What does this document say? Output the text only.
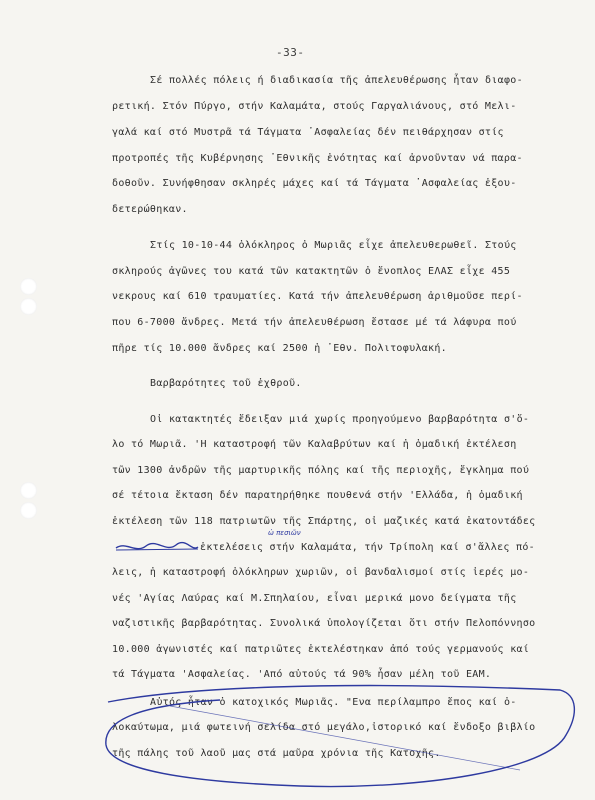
-33-
Σέ πολλές πόλεις ή διαδικασία τῆς ἀπελευθέρωσης ἦταν διαφο-
ρετική. Στόν Πύργο, στήν Καλαμάτα, στούς Γαργαλιάνους, στό Μελι-
γαλά καί στό Μυστρᾶ τά Τάγματα ᾿Ασφαλείας δέν πειθάρχησαν στίς
προτροπές τῆς Κυβέρνησης ᾿Εθνικῆς ἑνότητας καί ἀρνοῦνταν νά παρα-
δοθοῦν. Συνήφθησαν σκληρές μάχες καί τά Τάγματα ᾿Ασφαλείας ἐξου-
δετερώθηκαν.
Στίς 10-10-44 ὁλόκληρος ὁ Μωριᾶς εἶχε ἀπελευθερωθεῖ. Στούς
σκληρούς ἀγῶνες του κατά τῶν κατακτητῶν ὁ ἔνοπλος ΕΛΑΣ εἶχε 455
νεκρους καί 610 τραυματίες. Κατά τήν ἀπελευθέρωση ἀριθμοῦσε περί-
που 6-7000 ἄνδρες. Μετά τήν ἀπελευθέρωση ἔστασε μέ τά λάφυρα πού
πῆρε τίς 10.000 ἄνδρες καί 2500 ἡ ᾿Εθν. Πολιτοφυλακή.
Βαρβαρότητες τοῦ ἐχθροῦ.
Οἱ κατακτητές ἔδειξαν μιά χωρίς προηγούμενο βαρβαρότητα σ'ὅ-
λο τό Μωριᾶ. 'Η καταστροφή τῶν Καλαβρύτων καί ἡ ὁμαδική ἐκτέλεση
τῶν 1300 ἀνδρῶν τῆς μαρτυρικῆς πόλης καί τῆς περιοχῆς, ἔγκλημα πού
σέ τέτοια ἔκταση δέν παρατηρήθηκε πουθενά στήν 'Ελλάδα, ἡ ὁμαδική
ἐκτέλεση τῶν 118 πατριωτῶν τῆς Σπάρτης, οἱ μαζικές κατά ἑκατοντάδες
ἐκτελέσεις στήν Καλαμάτα, τήν Τρίπολη καί σ'ἄλλες πό-
λεις, ἡ καταστροφή ὁλόκληρων χωριῶν, οἱ βανδαλισμοί στίς ἱερές μο-
νές 'Αγίας Λαύρας καί Μ.Σπηλαίου, εἶναι μερικά μονο δείγματα τῆς
ναζιστικῆς βαρβαρότητας. Συνολικά ὑπολογίζεται ὅτι στήν Πελοπόννησο
10.000 ἀγωνιστές καί πατριῶτες ἐκτελέστηκαν ἀπό τούς γερμανούς καί
τά Τάγματα 'Ασφαλείας. 'Από αὐτούς τά 90% ἦσαν μέλη τοῦ ΕΑΜ.
ὠ πεσιῶν
Αὐτός ἦταν ὁ κατοχικός Μωριᾶς. "Ενα περίλαμπρο ἔπος καί ὁ-
λοκαύτωμα, μιά φωτεινή σελίδα στό μεγάλο,ἱστορικό καί ἔνδοξο βιβλίο
τῆς πάλης τοῦ λαοῦ μας στά μαῦρα χρόνια τῆς Κατοχῆς.
